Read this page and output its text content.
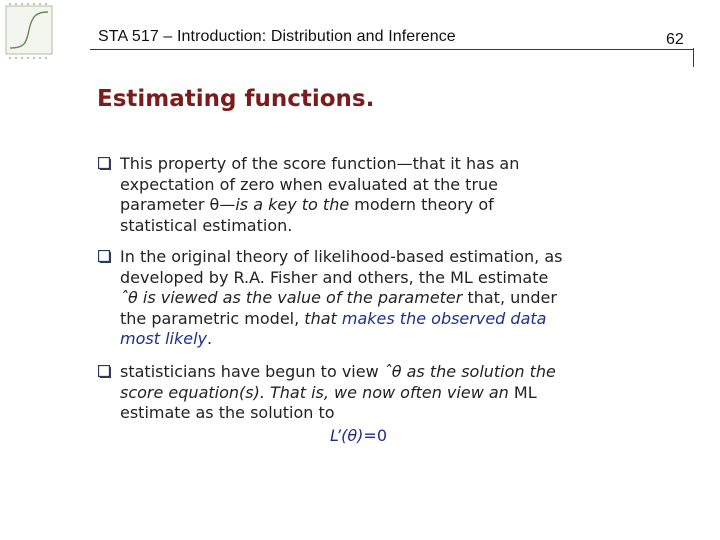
STA 517 – Introduction: Distribution and Inference	62
Estimating functions.
This property of the score function—that it has an
expectation of zero when evaluated at the true
parameter θ—is a key to the modern theory of
statistical estimation.
In the original theory of likelihood-based estimation, as
developed by R.A. Fisher and others, the ML estimate
ˆθ is viewed as the value of the parameter that, under
the parametric model, that makes the observed data
most likely.
statisticians have begun to view ˆθ as the solution the
score equation(s). That is, we now often view an ML
estimate as the solution to
L’(θ)=0
